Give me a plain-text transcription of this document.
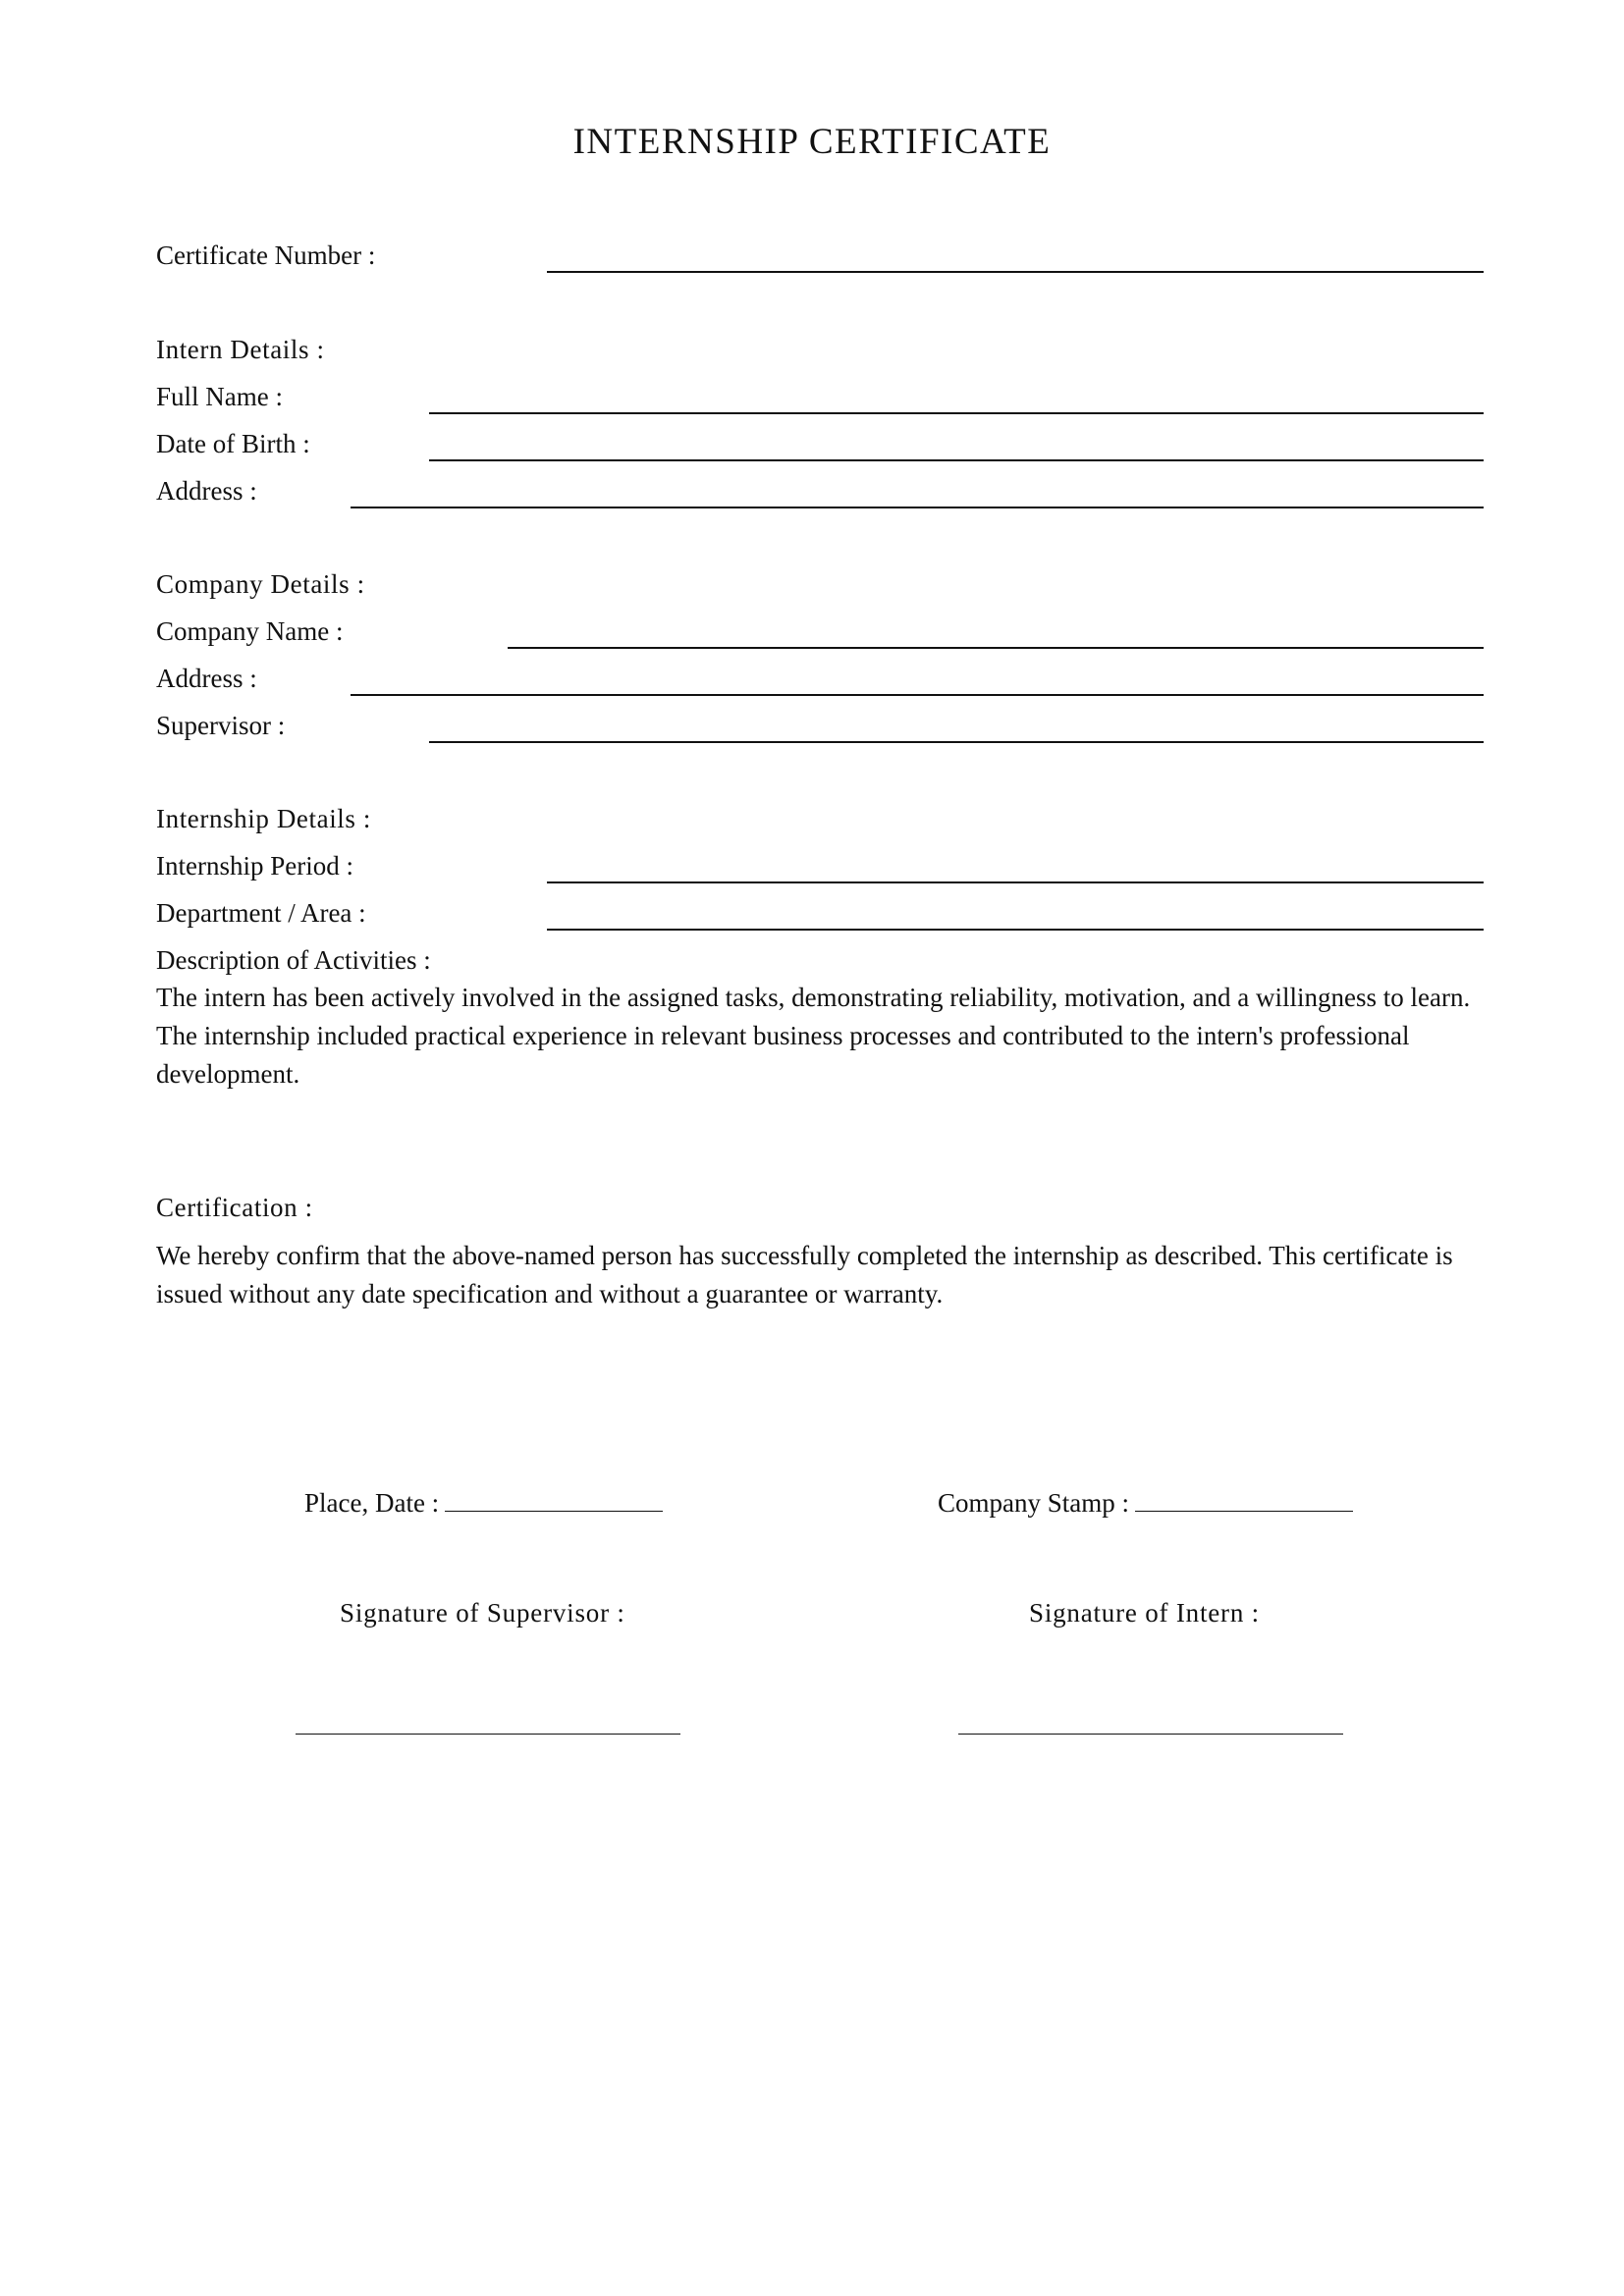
INTERNSHIP CERTIFICATE
Certificate Number :
Intern Details :
Full Name :
Date of Birth :
Address :
Company Details :
Company Name :
Address :
Supervisor :
Internship Details :
Internship Period :
Department / Area :
Description of Activities :
The intern has been actively involved in the assigned tasks, demonstrating reliability, motivation, and a willingness to learn. The internship included practical experience in relevant business processes and contributed to the intern's professional development.
Certification :
We hereby confirm that the above-named person has successfully completed the internship as described. This certificate is issued without any date specification and without a guarantee or warranty.
Place, Date :	Company Stamp :
Signature of Supervisor :	Signature of Intern :
